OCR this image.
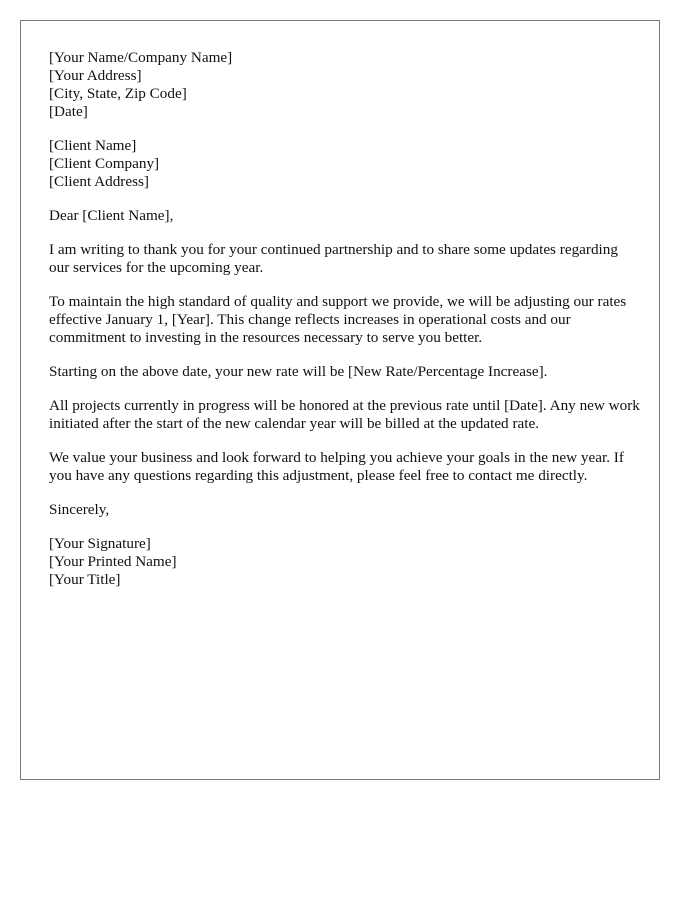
[Your Name/Company Name]
[Your Address]
[City, State, Zip Code]
[Date]
[Client Name]
[Client Company]
[Client Address]

Dear [Client Name],

I am writing to thank you for your continued partnership and to share some updates regarding our services for the upcoming year.

To maintain the high standard of quality and support we provide, we will be adjusting our rates effective January 1, [Year]. This change reflects increases in operational costs and our commitment to investing in the resources necessary to serve you better.

Starting on the above date, your new rate will be [New Rate/Percentage Increase].

All projects currently in progress will be honored at the previous rate until [Date]. Any new work initiated after the start of the new calendar year will be billed at the updated rate.

We value your business and look forward to helping you achieve your goals in the new year. If you have any questions regarding this adjustment, please feel free to contact me directly.

Sincerely,

[Your Signature]
[Your Printed Name]
[Your Title]
